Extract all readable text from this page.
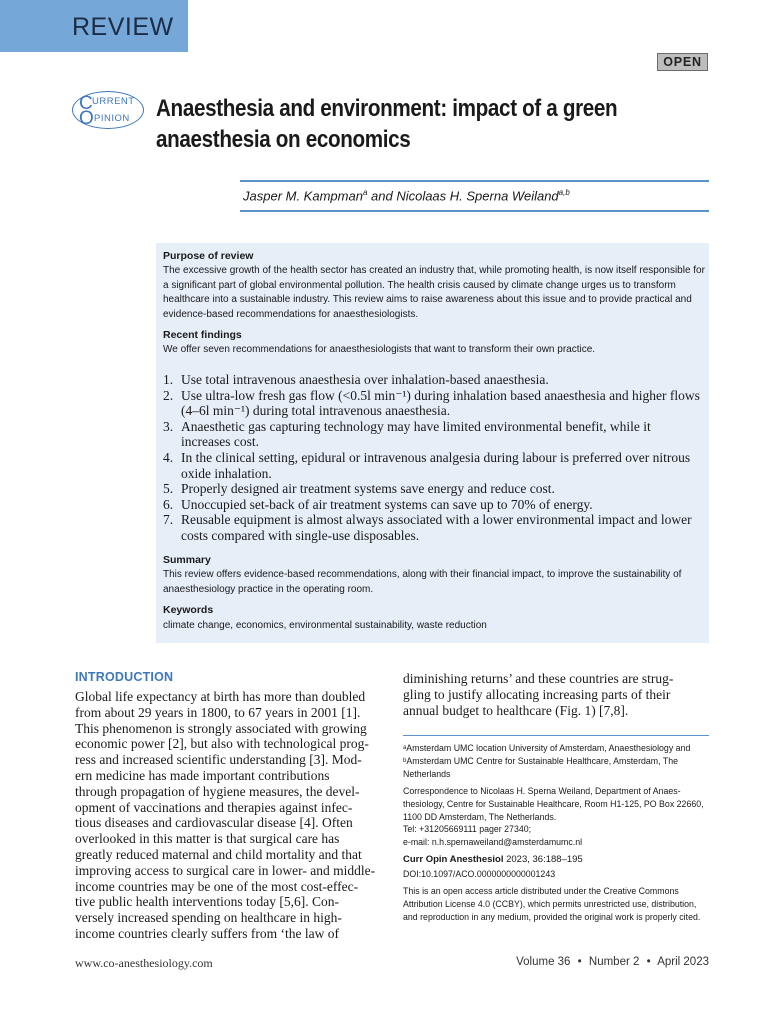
REVIEW
OPEN
C URRENT
O PINION Anaesthesia and environment: impact of a green anaesthesia on economics
Jasper M. Kampman$^a$ and Nicolaas H. Sperna Weiland$^{a,b}$
Purpose of review
The excessive growth of the health sector has created an industry that, while promoting health, is now itself responsible for a significant part of global environmental pollution. The health crisis caused by climate change urges us to transform healthcare into a sustainable industry. This review aims to raise awareness about this issue and to provide practical and evidence-based recommendations for anaesthesiologists.
Recent findings
We offer seven recommendations for anaesthesiologists that want to transform their own practice.
Summary
This review offers evidence-based recommendations, along with their financial impact, to improve the sustainability of anaesthesiology practice in the operating room.
Keywords
climate change, economics, environmental sustainability, waste reduction
1. Use total intravenous anaesthesia over inhalation-based anaesthesia.
2. Use ultra-low fresh gas flow (<0.5l min⁻¹) during inhalation based anaesthesia and higher flows (4–6l min⁻¹) during total intravenous anaesthesia.
3. Anaesthetic gas capturing technology may have limited environmental benefit, while it increases cost.
4. In the clinical setting, epidural or intravenous analgesia during labour is preferred over nitrous oxide inhalation.
5. Properly designed air treatment systems save energy and reduce cost.
6. Unoccupied set-back of air treatment systems can save up to 70% of energy.
7. Reusable equipment is almost always associated with a lower environmental impact and lower costs compared with single-use disposables.
INTRODUCTION
Global life expectancy at birth has more than doubled
from about 29 years in 1800, to 67 years in 2001 [1].
This phenomenon is strongly associated with growing
economic power [2], but also with technological prog-
ress and increased scientific understanding [3]. Mod-
ern medicine has made important contributions
through propagation of hygiene measures, the devel-
opment of vaccinations and therapies against infec-
tious diseases and cardiovascular disease [4]. Often
overlooked in this matter is that surgical care has
greatly reduced maternal and child mortality and that
improving access to surgical care in lower- and middle-
income countries may be one of the most cost-effec-
tive public health interventions today [5,6]. Con-
versely increased spending on healthcare in high-
income countries clearly suffers from ‘the law of
diminishing returns’ and these countries are strug-
gling to justify allocating increasing parts of their
annual budget to healthcare (Fig. 1) [7,8].
ᵃAmsterdam UMC location University of Amsterdam, Anaesthesiology and ᵇAmsterdam UMC Centre for Sustainable Healthcare, Amsterdam, The Netherlands
Correspondence to Nicolaas H. Sperna Weiland, Department of Anaes-thesiology, Centre for Sustainable Healthcare, Room H1-125, PO Box 22660, 1100 DD Amsterdam, The Netherlands.
Tel: +31205669111 pager 27340;
e-mail: n.h.spernaweiland@amsterdamumc.nl
Curr Opin Anesthesiol 2023, 36:188–195
DOI:10.1097/ACO.0000000000001243
This is an open access article distributed under the Creative Commons Attribution License 4.0 (CCBY), which permits unrestricted use, distribution, and reproduction in any medium, provided the original work is properly cited.
www.co-anesthesiology.com	Volume 36 • Number 2 • April 2023
